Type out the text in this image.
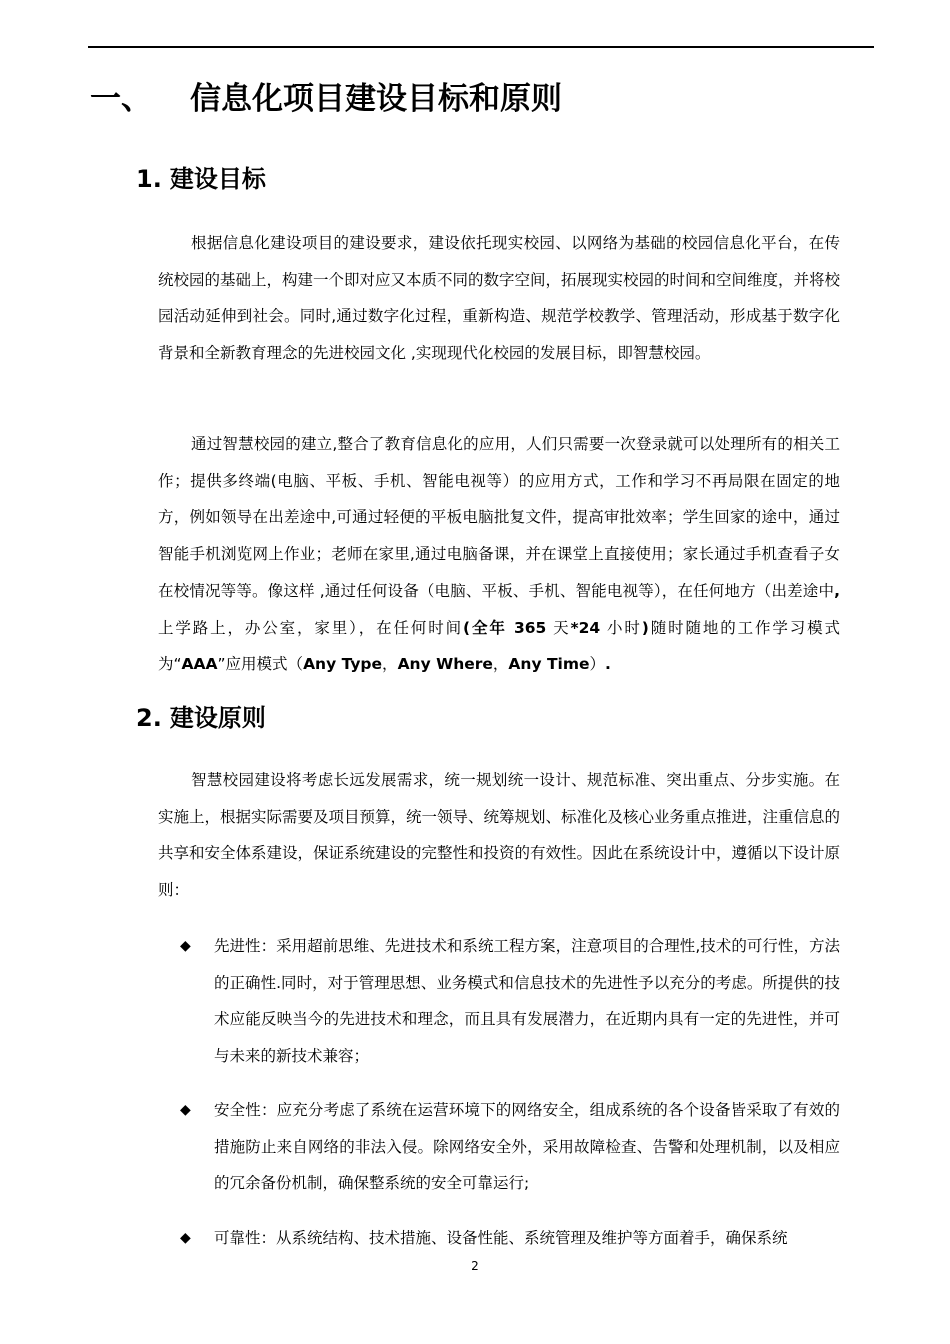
一、 信息化项目建设目标和原则
1. 建设目标

根据信息化建设项目的建设要求，建设依托现实校园、以网络为基础的校园信息化平台，在传统校园的基础上，构建一个即对应又本质不同的数字空间，拓展现实校园的时间和空间维度，并将校园活动延伸到社会。同时,通过数字化过程，重新构造、规范学校教学、管理活动，形成基于数字化背景和全新教育理念的先进校园文化 ,实现现代化校园的发展目标，即智慧校园。

通过智慧校园的建立,整合了教育信息化的应用，人们只需要一次登录就可以处理所有的相关工作；提供多终端(电脑、平板、手机、智能电视等）的应用方式，工作和学习不再局限在固定的地方，例如领导在出差途中,可通过轻便的平板电脑批复文件，提高审批效率；学生回家的途中，通过智能手机浏览网上作业；老师在家里,通过电脑备课，并在课堂上直接使用；家长通过手机查看子女在校情况等等。像这样 ,通过任何设备（电脑、平板、手机、智能电视等），在任何地方（出差途中,上学路上，办公室，家里），在任何时间(全年 365 天*24 小时)随时随地的工作学习模式为“AAA”应用模式（Any Type，Any Where，Any Time）.

2. 建设原则

智慧校园建设将考虑长远发展需求，统一规划统一设计、规范标准、突出重点、分步实施。在实施上，根据实际需要及项目预算，统一领导、统筹规划、标准化及核心业务重点推进，注重信息的共享和安全体系建设，保证系统建设的完整性和投资的有效性。因此在系统设计中，遵循以下设计原则：

◆ 先进性：采用超前思维、先进技术和系统工程方案，注意项目的合理性,技术的可行性，方法的正确性.同时，对于管理思想、业务模式和信息技术的先进性予以充分的考虑。所提供的技术应能反映当今的先进技术和理念，而且具有发展潜力，在近期内具有一定的先进性，并可与未来的新技术兼容；

◆ 安全性：应充分考虑了系统在运营环境下的网络安全，组成系统的各个设备皆采取了有效的措施防止来自网络的非法入侵。除网络安全外，采用故障检查、告警和处理机制，以及相应的冗余备份机制，确保整系统的安全可靠运行;

◆ 可靠性：从系统结构、技术措施、设备性能、系统管理及维护等方面着手，确保系统

2
